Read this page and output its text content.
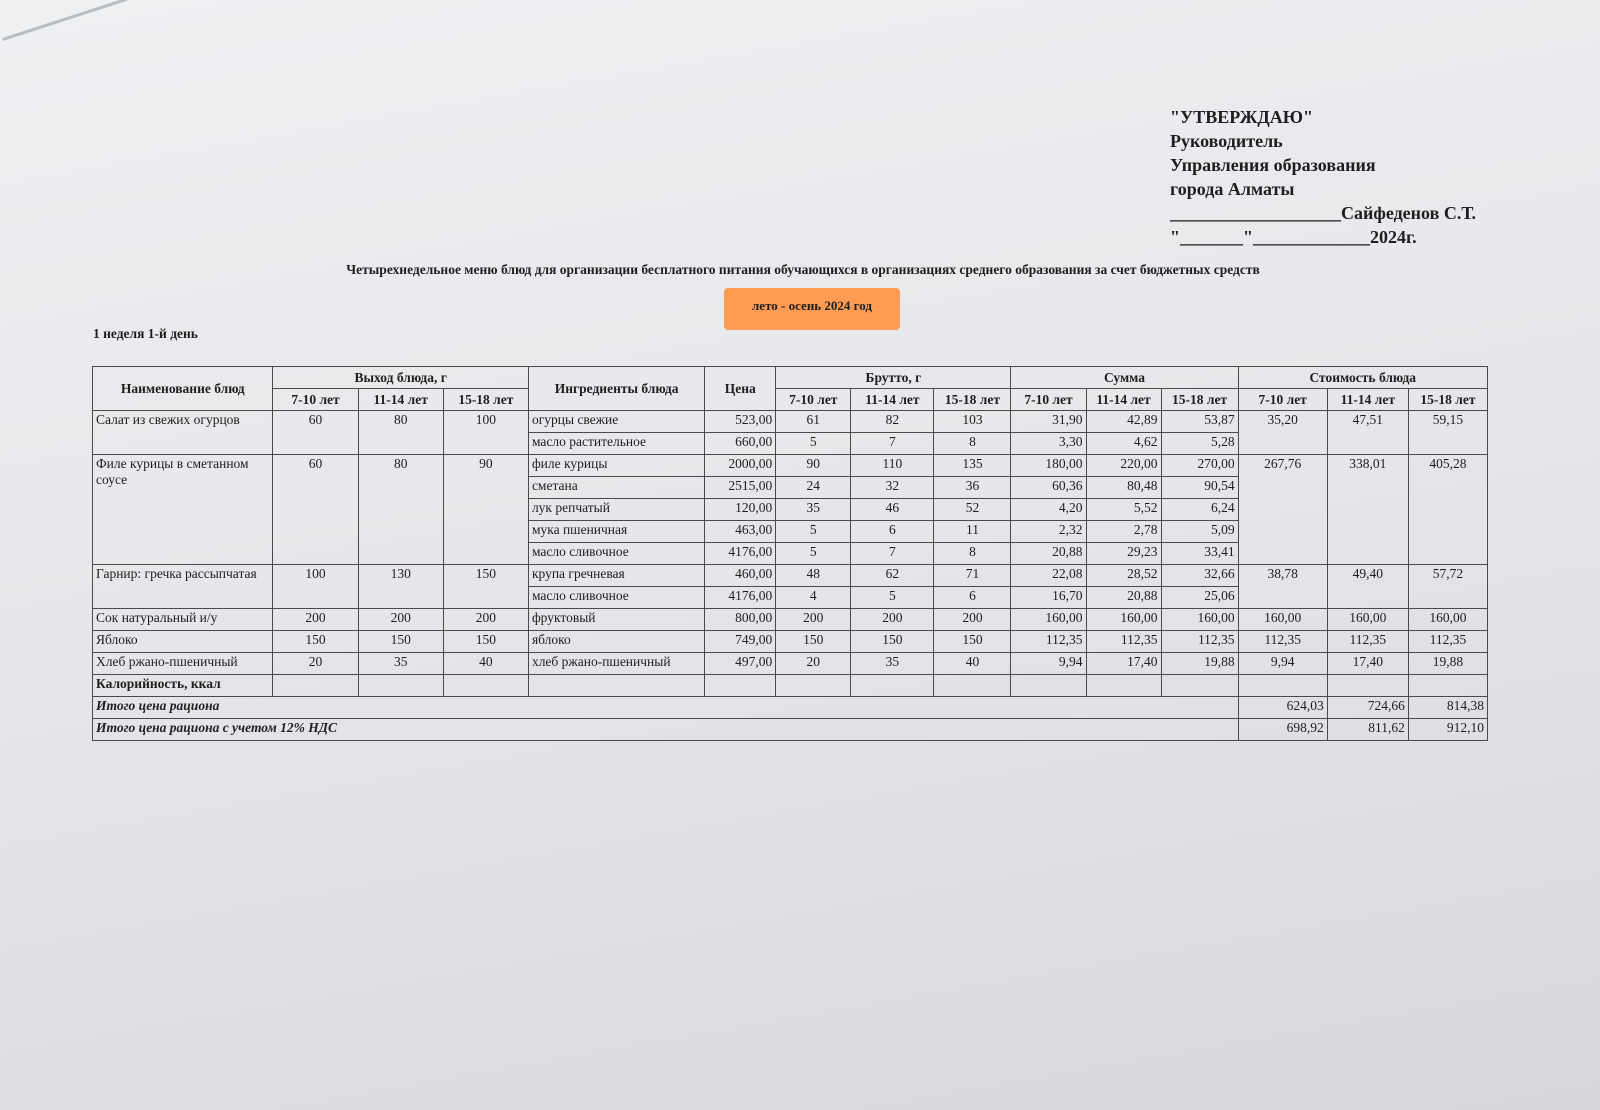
"УТВЕРЖДАЮ"
Руководитель
Управления образования
города Алматы
___________________Сайфеденов С.Т.
"_______"_____________2024г.
Четырехнедельное меню блюд для организации бесплатного питания обучающихся в организациях среднего образования за счет бюджетных средств
лето - осень 2024 год
1 неделя 1-й день
Наименование блюд	Выход блюда, г			Ингредиенты блюда	Цена	Брутто, г			Сумма			Стоимость блюда		
	7-10 лет	11-14 лет	15-18 лет			7-10 лет	11-14 лет	15-18 лет	7-10 лет	11-14 лет	15-18 лет	7-10 лет	11-14 лет	15-18 лет
Салат из свежих огурцов	60	80	100	огурцы свежие	523,00	61	82	103	31,90	42,89	53,87	35,20	47,51	59,15
				масло растительное	660,00	5	7	8	3,30	4,62	5,28			
Филе курицы в сметанном соусе	60	80	90	филе курицы	2000,00	90	110	135	180,00	220,00	270,00	267,76	338,01	405,28
				сметана	2515,00	24	32	36	60,36	80,48	90,54			
				лук репчатый	120,00	35	46	52	4,20	5,52	6,24			
				мука пшеничная	463,00	5	6	11	2,32	2,78	5,09			
				масло сливочное	4176,00	5	7	8	20,88	29,23	33,41			
Гарнир: гречка рассыпчатая	100	130	150	крупа гречневая	460,00	48	62	71	22,08	28,52	32,66	38,78	49,40	57,72
				масло сливочное	4176,00	4	5	6	16,70	20,88	25,06			
Сок натуральный и/у	200	200	200	фруктовый	800,00	200	200	200	160,00	160,00	160,00	160,00	160,00	160,00
Яблоко	150	150	150	яблоко	749,00	150	150	150	112,35	112,35	112,35	112,35	112,35	112,35
Хлеб ржано-пшеничный	20	35	40	хлеб ржано-пшеничный	497,00	20	35	40	9,94	17,40	19,88	9,94	17,40	19,88
Калорийность, ккал														
Итого цена рациона												624,03	724,66	814,38
Итого цена рациона с учетом 12% НДС												698,92	811,62	912,10
